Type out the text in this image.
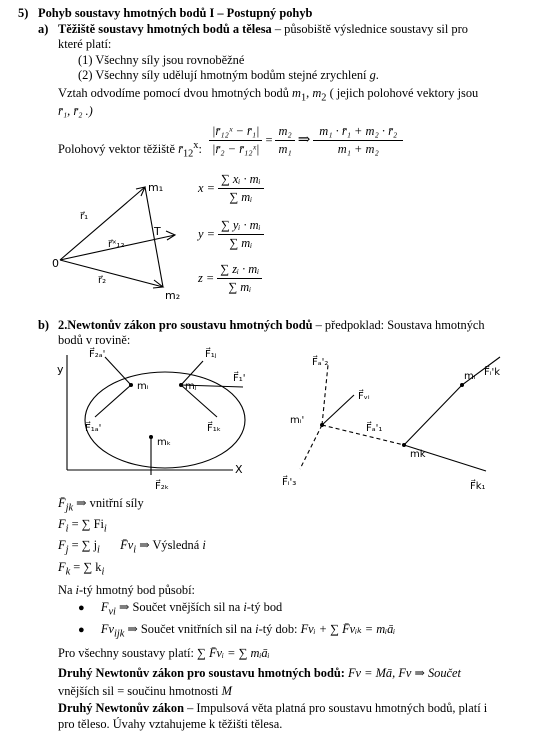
5) Pohyb soustavy hmotných bodů I – Postupný pohyb
a) Těžiště soustavy hmotných bodů a tělesa – působiště výslednice soustavy sil pro
které platí:
(1) Všechny síly jsou rovnoběžné
(2) Všechny síly udělují hmotným bodům stejné zrychlení g.
Vztah odvodíme pomocí dvou hmotných bodů $m_1$, $m_2$ ( jejich polohové vektory jsou
r̄₁, r̄₂ .)
Polohový vektor těžiště $r̄_{12}^x$: $\frac{\text{|r̄₁₂ˣ − r̄₁|}}{\text{|r̄₂ − r̄₁₂ˣ|}} = \frac{\text{m₂}}{\text{m₁}}$ ⇒ $\frac{\text{m₁ · r̄₁ + m₂ · r̄₂}}{\text{m₁ + m₂}}$
$x = \frac{\text{∑ xᵢ · mᵢ}}{\text{∑ mᵢ}}$
$y = \frac{\text{∑ yᵢ · mᵢ}}{\text{∑ mᵢ}}$
$z = \frac{\text{∑ zᵢ · mᵢ}}{\text{∑ mᵢ}}$
m₁
r⃗₁
r⃗ˣ₁₂
T
0
r⃗₂
m₂
b) 2.Newtonův zákon pro soustavu hmotných bodů – předpoklad: Soustava hmotných
bodů v rovině:
y
X
F⃗₂ₐ'	F⃗₁ⱼ
mᵢ	mⱼ
F⃗₁ₐ'	F⃗₁ₖ
mₖ
F⃗₁'
F⃗₂ₖ
F⃗ₐ'₂
mᵢ'
mᵢ
F⃗ᵥᵢ
F⃗ᵢ'k
F⃗ₐ'₁
F⃗ᵢ'₃
mk
F⃗k₁
$F̄_{jk}$ ⇒ vnitřní síly
$F_i$ = ∑ $Fi_i$
$F_j$ = ∑ $j_i$ $F̄v_i$ ⇒ Výsledná i
$F_k$ = ∑ $k_i$
Na i-tý hmotný bod působí:
● $F_{vi}$ ⇒ Součet vnějších sil na i-tý bod
● $Fv_{ijk}$ ⇒ Součet vnitřních sil na i-tý dob: Fvᵢ + ∑ F̄vᵢₖ = mᵢāᵢ
Pro všechny soustavy platí: ∑ F̄vᵢ = ∑ mᵢāᵢ
Druhý Newtonův zákon pro soustavu hmotných bodů: Fv = Mā, Fv ⇒ Součet
vnějších sil = součinu hmotnosti M
Druhý Newtonův zákon – Impulsová věta platná pro soustavu hmotných bodů, platí i
pro těleso. Úvahy vztahujeme k těžišti tělesa.
